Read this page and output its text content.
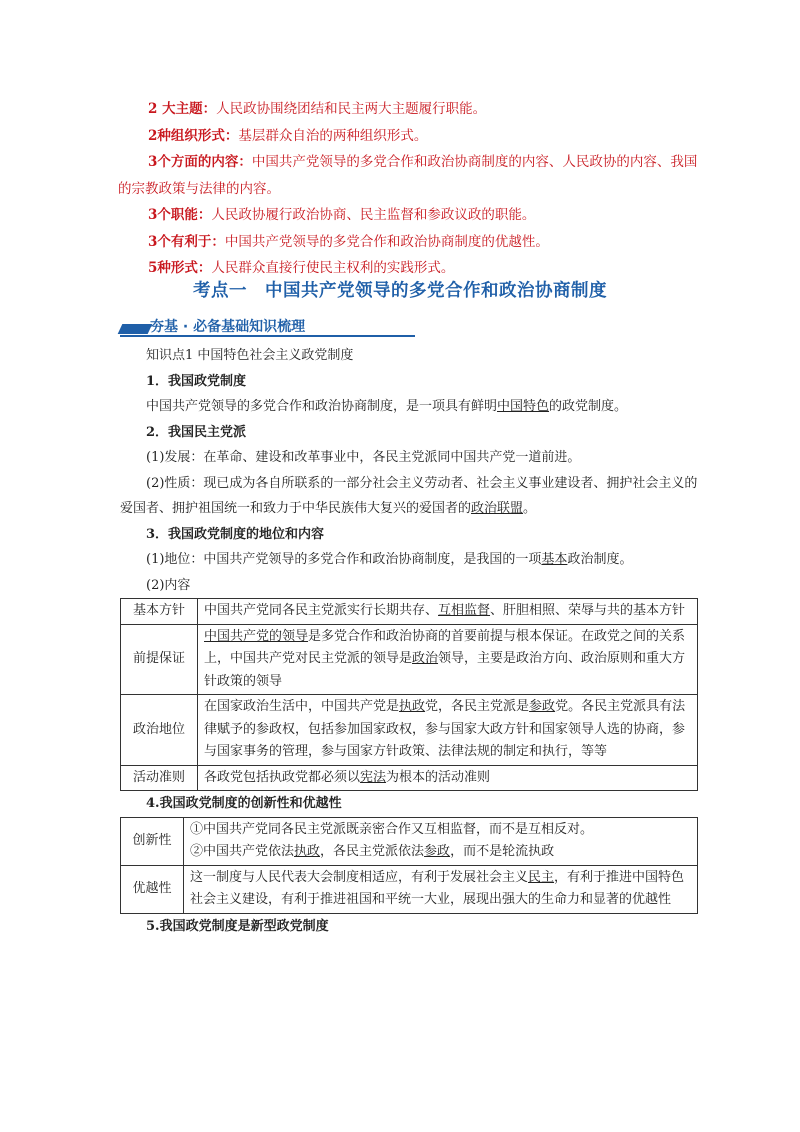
2 大主题：人民政协围绕团结和民主两大主题履行职能。
2种组织形式：基层群众自治的两种组织形式。
3个方面的内容：中国共产党领导的多党合作和政治协商制度的内容、人民政协的内容、我国的宗教政策与法律的内容。
3个职能：人民政协履行政治协商、民主监督和参政议政的职能。
3个有利于：中国共产党领导的多党合作和政治协商制度的优越性。
5种形式：人民群众直接行使民主权利的实践形式。
考点一 中国共产党领导的多党合作和政治协商制度
夯基 · 必备基础知识梳理

知识点1 中国特色社会主义政党制度

1．我国政党制度

中国共产党领导的多党合作和政治协商制度，是一项具有鲜明中国特色的政党制度。

2．我国民主党派

(1)发展：在革命、建设和改革事业中，各民主党派同中国共产党一道前进。

(2)性质：现已成为各自所联系的一部分社会主义劳动者、社会主义事业建设者、拥护社会主义的爱国者、拥护祖国统一和致力于中华民族伟大复兴的爱国者的政治联盟。

3．我国政党制度的地位和内容

(1)地位：中国共产党领导的多党合作和政治协商制度，是我国的一项基本政治制度。

(2)内容

基本方针	中国共产党同各民主党派实行长期共存、互相监督、肝胆相照、荣辱与共的基本方针
前提保证	中国共产党的领导是多党合作和政治协商的首要前提与根本保证。在政党之间的关系上，中国共产党对民主党派的领导是政治领导，主要是政治方向、政治原则和重大方针政策的领导
政治地位	在国家政治生活中，中国共产党是执政党，各民主党派是参政党。各民主党派具有法律赋予的参政权，包括参加国家政权，参与国家大政方针和国家领导人选的协商，参与国家事务的管理，参与国家方针政策、法律法规的制定和执行，等等
活动准则	各政党包括执政党都必须以宪法为根本的活动准则

4.我国政党制度的创新性和优越性

创新性	①中国共产党同各民主党派既亲密合作又互相监督，而不是互相反对。
②中国共产党依法执政，各民主党派依法参政，而不是轮流执政

优越性	这一制度与人民代表大会制度相适应，有利于发展社会主义民主，有利于推进中国特色社会主义建设，有利于推进祖国和平统一大业，展现出强大的生命力和显著的优越性

5.我国政党制度是新型政党制度
